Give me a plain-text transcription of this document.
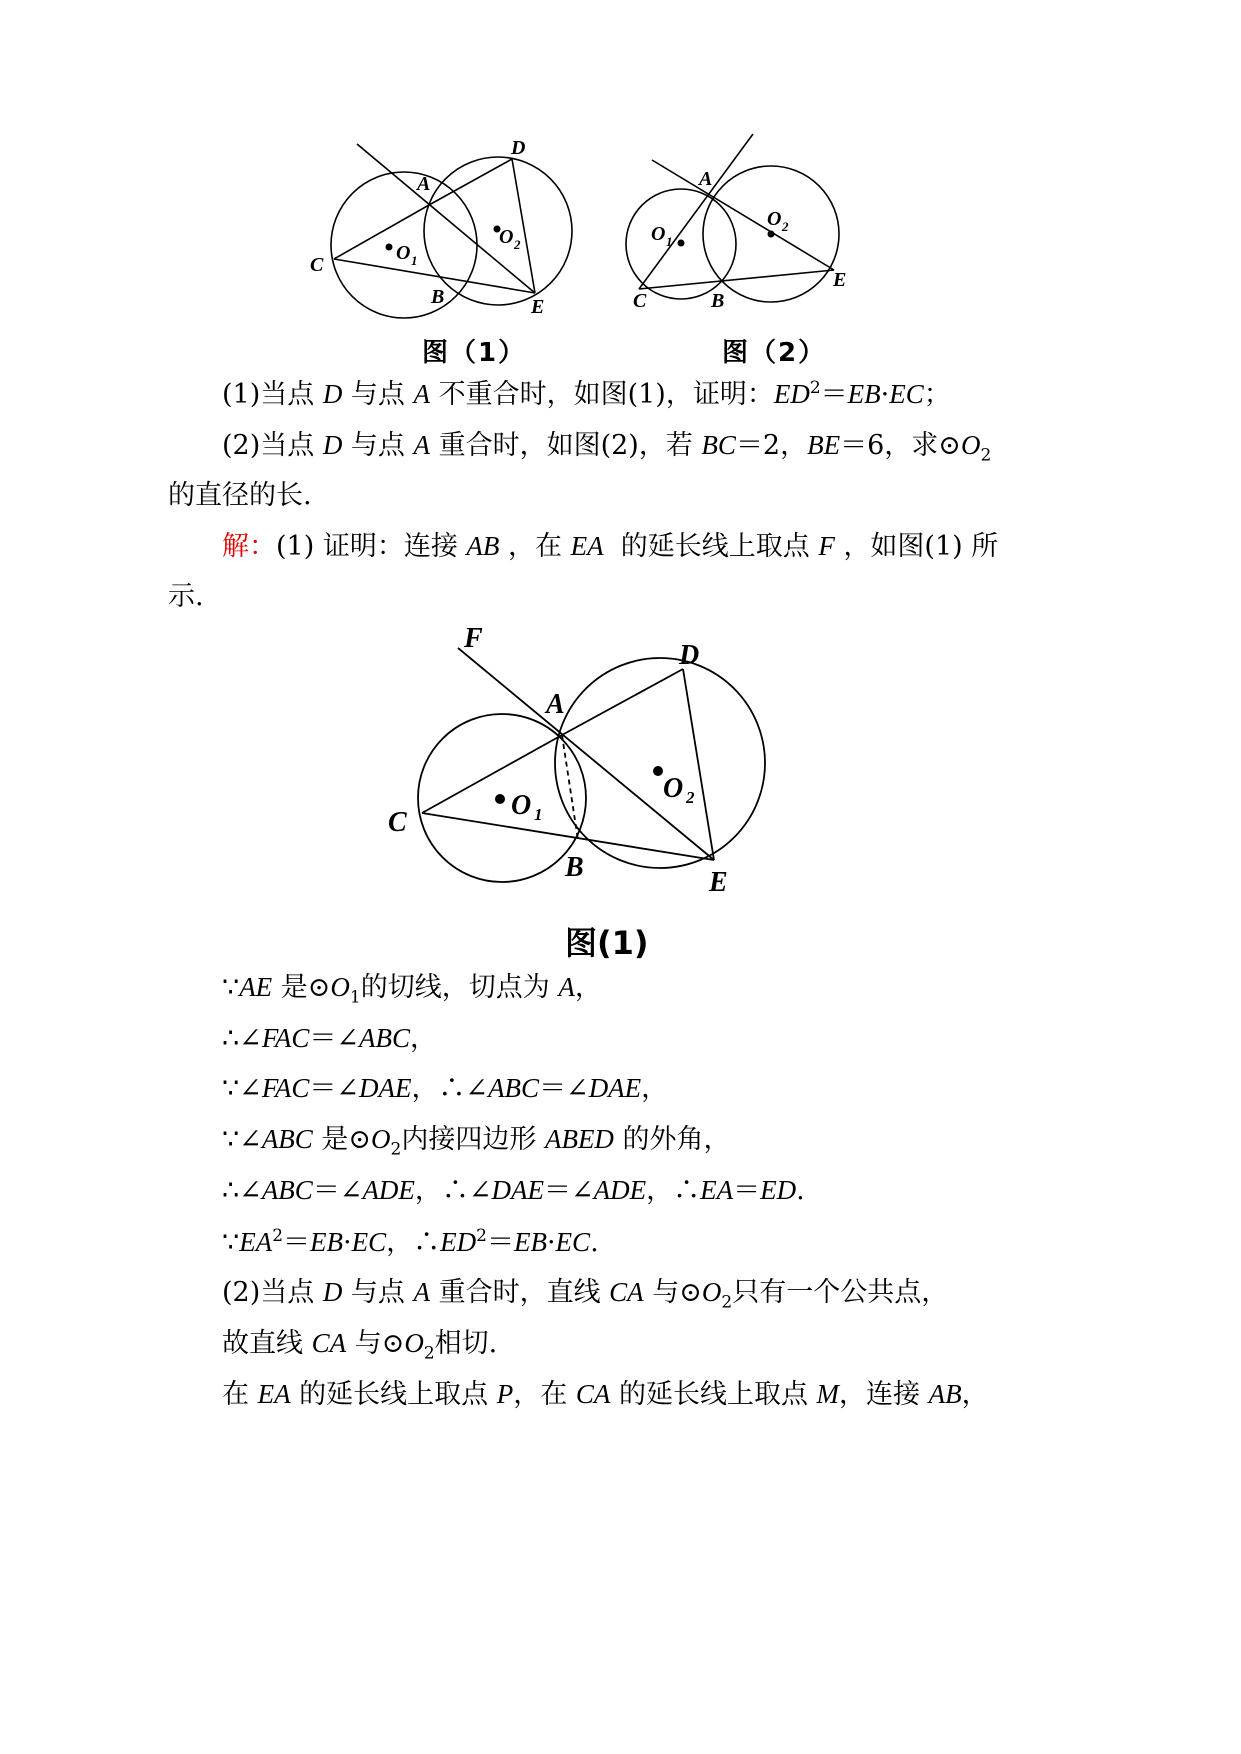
D
A
C
B	E
O 1
O 2
图（1）
A
O 1
O 2
C	B
E
图（2）
(1)当点 D 与点 A 不重合时，如图(1)，证明：$ED^2=EB\cdot EC$；
(2)当点 D 与点 A 重合时，如图(2)，若 BC＝2，BE＝6，求$⊙O_2$
的直径的长.
解：(1) 证明：连接 AB ，在 EA  的延长线上取点 F ，如图(1) 所
示.
F
D
A
C
B	E
O 1
O 2
图(1)
∵AE 是$⊙O_1$的切线，切点为 A，
∴∠FAC＝∠ABC，
∵∠FAC＝∠DAE，∴∠ABC＝∠DAE，
∵∠ABC 是$⊙O_2$内接四边形 ABED 的外角，
∴∠ABC＝∠ADE，∴∠DAE＝∠ADE，∴EA＝ED.
$\because EA^2=EB\cdot EC$，$\therefore ED^2=EB\cdot EC$.
(2)当点 D 与点 A 重合时，直线 CA 与$⊙O_2$只有一个公共点，
故直线 CA 与$⊙O_2$相切.
在 EA 的延长线上取点 P，在 CA 的延长线上取点 M，连接 AB，
